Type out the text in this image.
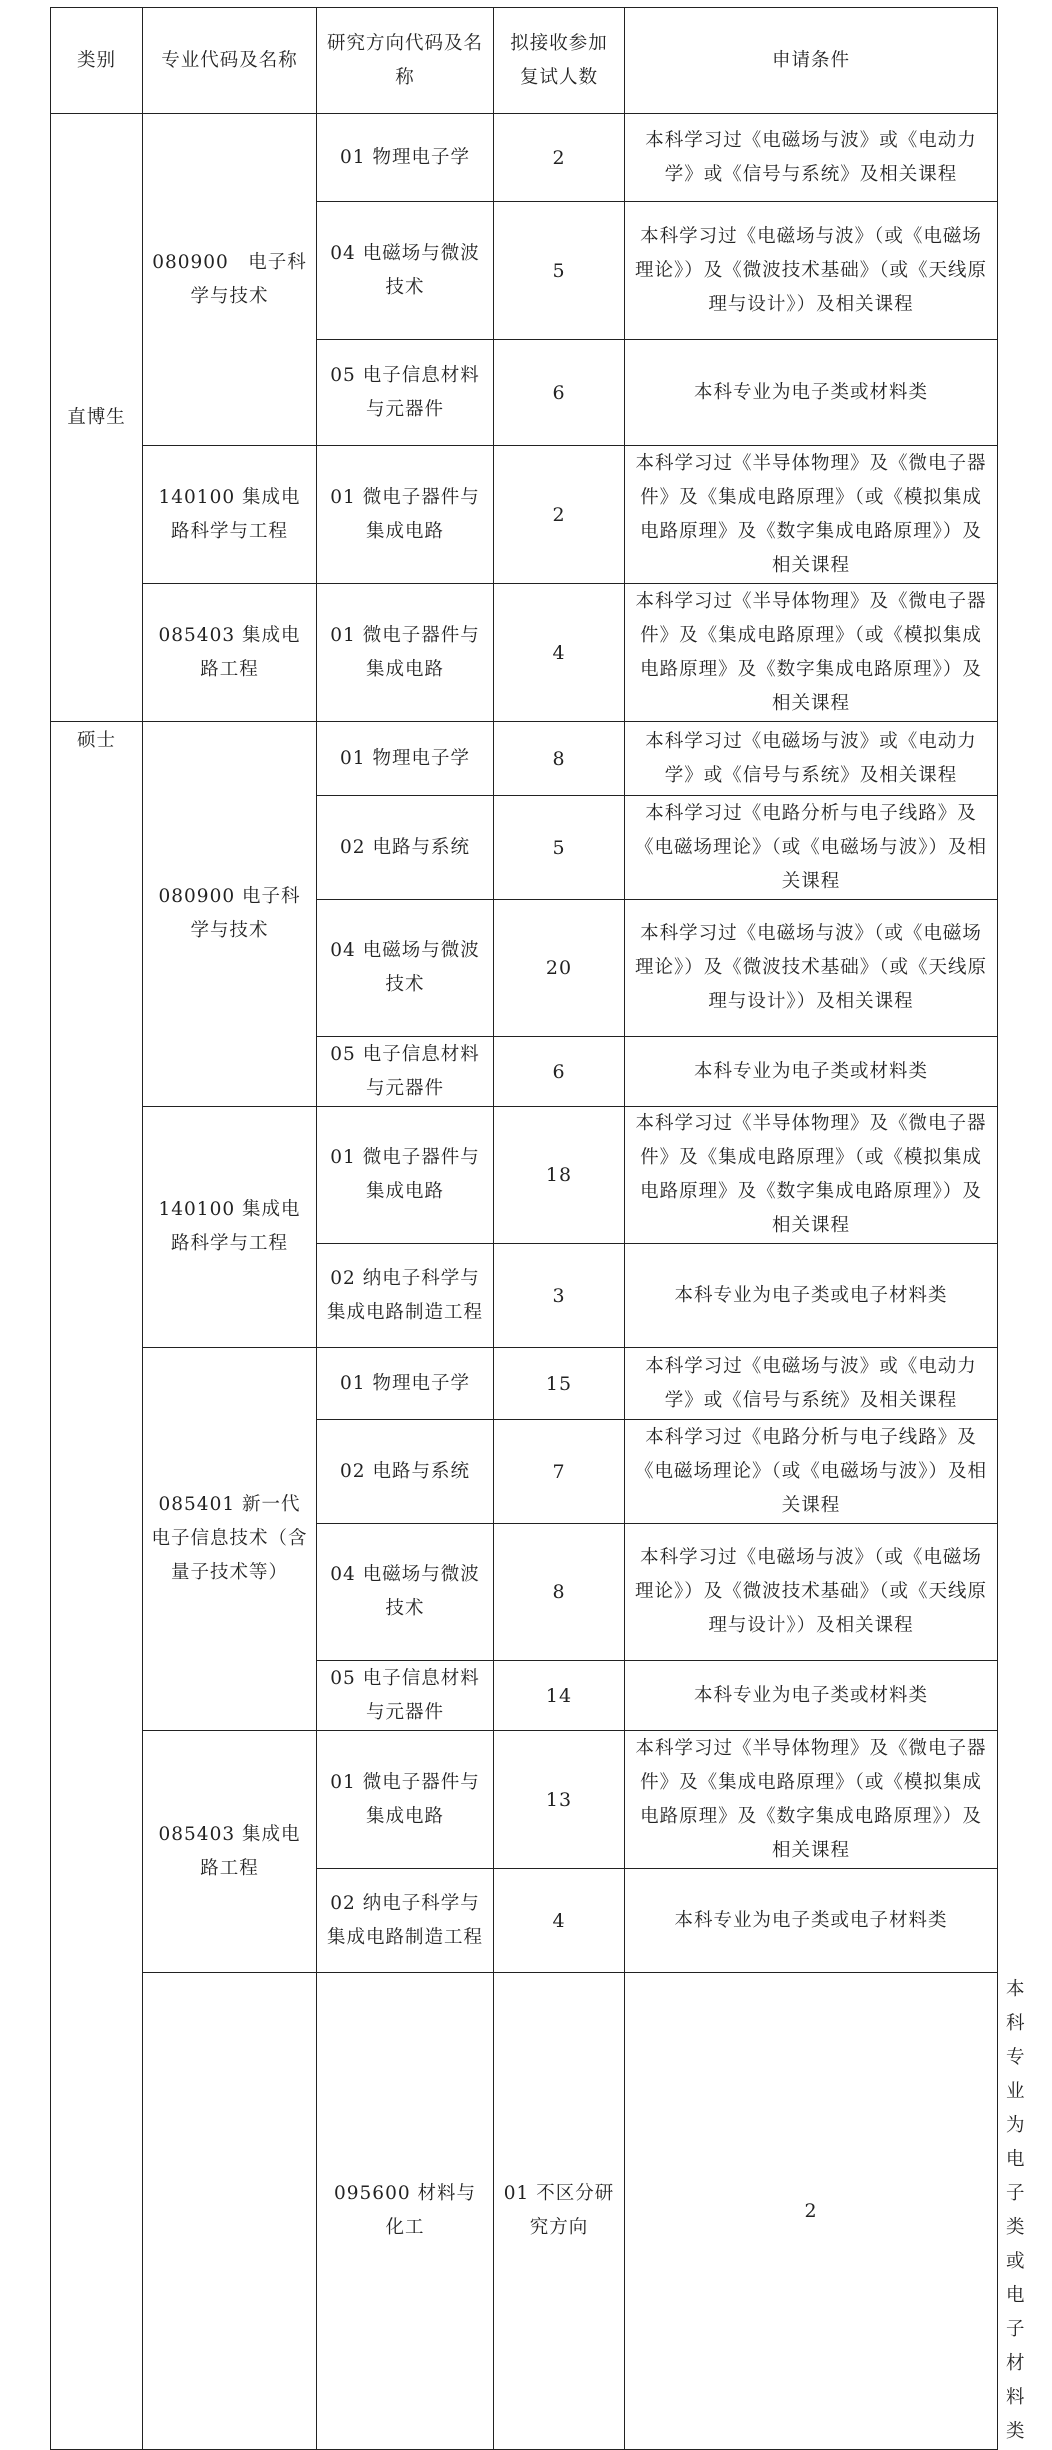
类别	专业代码及名称	研究方向代码及名称	拟接收参加复试人数	申请条件	
直博生	080900　电子科学与技术	01 物理电子学	2	本科学习过《电磁场与波》或《电动力学》或《信号与系统》及相关课程	
		04 电磁场与微波技术	5	本科学习过《电磁场与波》（或《电磁场理论》）及《微波技术基础》（或《天线原理与设计》）及相关课程	
		05 电子信息材料与元器件	6	本科专业为电子类或材料类	
	140100 集成电路科学与工程	01 微电子器件与集成电路	2	本科学习过《半导体物理》及《微电子器件》及《集成电路原理》（或《模拟集成电路原理》及《数字集成电路原理》）及相关课程	
	085403 集成电路工程	01 微电子器件与集成电路	4	本科学习过《半导体物理》及《微电子器件》及《集成电路原理》（或《模拟集成电路原理》及《数字集成电路原理》）及相关课程	
硕士	080900 电子科学与技术	01 物理电子学	8	本科学习过《电磁场与波》或《电动力学》或《信号与系统》及相关课程	
		02 电路与系统	5	本科学习过《电路分析与电子线路》及《电磁场理论》（或《电磁场与波》）及相关课程	
		04 电磁场与微波技术	20	本科学习过《电磁场与波》（或《电磁场理论》）及《微波技术基础》（或《天线原理与设计》）及相关课程	
		05 电子信息材料与元器件	6	本科专业为电子类或材料类	
	140100 集成电路科学与工程	01 微电子器件与集成电路	18	本科学习过《半导体物理》及《微电子器件》及《集成电路原理》（或《模拟集成电路原理》及《数字集成电路原理》）及相关课程	
		02 纳电子科学与集成电路制造工程	3	本科专业为电子类或电子材料类	
	085401 新一代电子信息技术（含量子技术等）	01 物理电子学	15	本科学习过《电磁场与波》或《电动力学》或《信号与系统》及相关课程	
		02 电路与系统	7	本科学习过《电路分析与电子线路》及《电磁场理论》（或《电磁场与波》）及相关课程	
		04 电磁场与微波技术	8	本科学习过《电磁场与波》（或《电磁场理论》）及《微波技术基础》（或《天线原理与设计》）及相关课程	
		05 电子信息材料与元器件	14	本科专业为电子类或材料类	
	085403 集成电路工程	01 微电子器件与集成电路	13	本科学习过《半导体物理》及《微电子器件》及《集成电路原理》（或《模拟集成电路原理》及《数字集成电路原理》）及相关课程	
		02 纳电子科学与集成电路制造工程	4	本科专业为电子类或电子材料类	
		095600 材料与化工	01 不区分研究方向	2	本科专业为电子类或电子材料类
